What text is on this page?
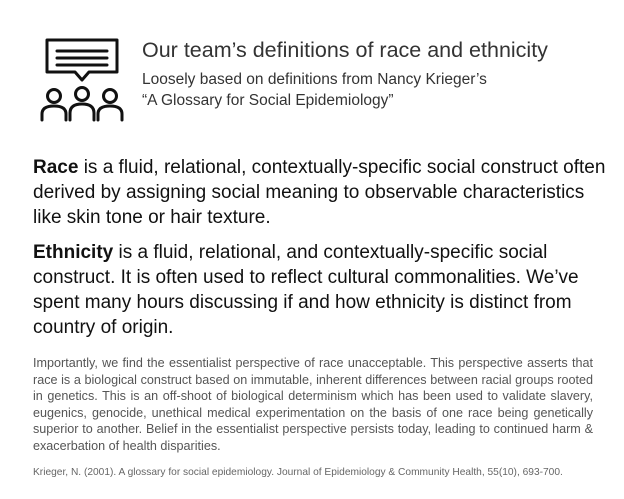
Our team’s definitions of race and ethnicity
Loosely based on definitions from Nancy Krieger’s
“A Glossary for Social Epidemiology”

Race is a fluid, relational, contextually-specific social construct often derived by assigning social meaning to observable characteristics like skin tone or hair texture.

Ethnicity is a fluid, relational, and contextually-specific social construct. It is often used to reflect cultural commonalities. We’ve spent many hours discussing if and how ethnicity is distinct from country of origin.

Importantly, we find the essentialist perspective of race unacceptable. This perspective asserts that race is a biological construct based on immutable, inherent differences between racial groups rooted in genetics. This is an off-shoot of biological determinism which has been used to validate slavery, eugenics, genocide, unethical medical experimentation on the basis of one race being genetically superior to another. Belief in the essentialist perspective persists today, leading to continued harm & exacerbation of health disparities.

Krieger, N. (2001). A glossary for social epidemiology. Journal of Epidemiology & Community Health, 55(10), 693-700.
